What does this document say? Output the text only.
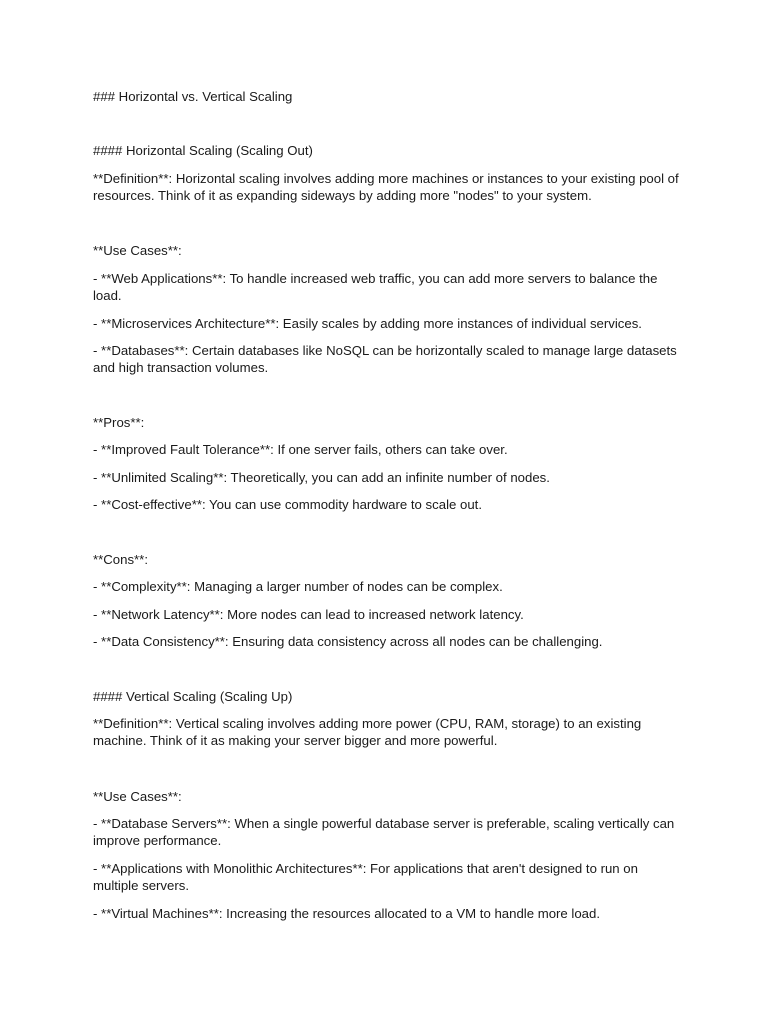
### Horizontal vs. Vertical Scaling

#### Horizontal Scaling (Scaling Out)

**Definition**: Horizontal scaling involves adding more machines or instances to your existing pool of resources. Think of it as expanding sideways by adding more "nodes" to your system.

**Use Cases**:

- **Web Applications**: To handle increased web traffic, you can add more servers to balance the load.

- **Microservices Architecture**: Easily scales by adding more instances of individual services.

- **Databases**: Certain databases like NoSQL can be horizontally scaled to manage large datasets and high transaction volumes.

**Pros**:

- **Improved Fault Tolerance**: If one server fails, others can take over.

- **Unlimited Scaling**: Theoretically, you can add an infinite number of nodes.

- **Cost-effective**: You can use commodity hardware to scale out.

**Cons**:

- **Complexity**: Managing a larger number of nodes can be complex.

- **Network Latency**: More nodes can lead to increased network latency.

- **Data Consistency**: Ensuring data consistency across all nodes can be challenging.

#### Vertical Scaling (Scaling Up)

**Definition**: Vertical scaling involves adding more power (CPU, RAM, storage) to an existing machine. Think of it as making your server bigger and more powerful.

**Use Cases**:

- **Database Servers**: When a single powerful database server is preferable, scaling vertically can improve performance.

- **Applications with Monolithic Architectures**: For applications that aren't designed to run on multiple servers.

- **Virtual Machines**: Increasing the resources allocated to a VM to handle more load.
